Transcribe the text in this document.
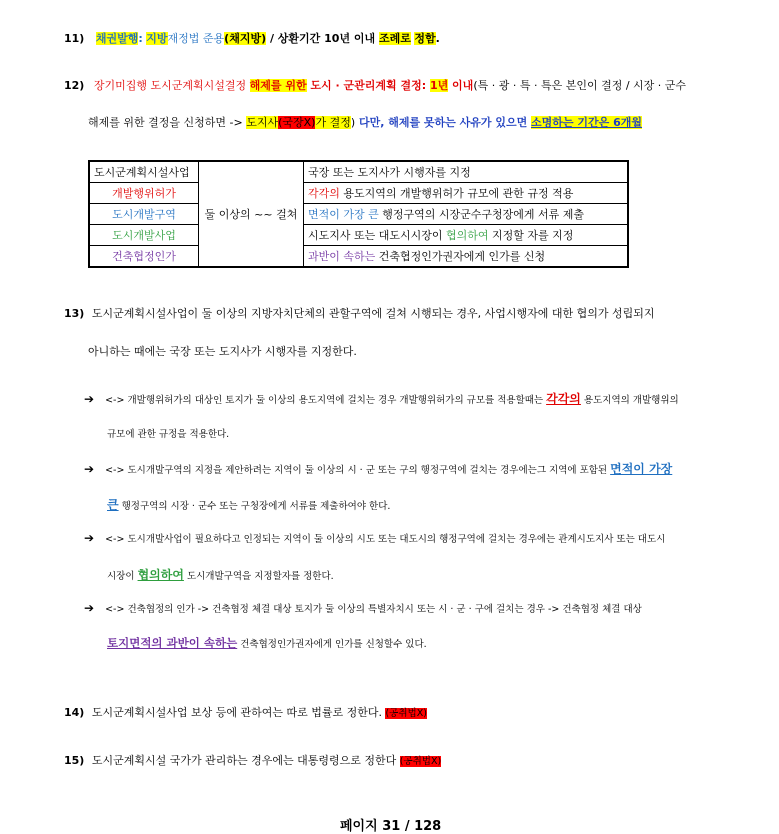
11) 채권발행: 지방재정법 준용(채지방) / 상환기간 10년 이내 조례로 정함.
12) 장기미집행 도시군계획시설결정 해제를 위한 도시 · 군관리계획 결정: 1년 이내(특 · 광 · 특 · 특은 본인이 결정 / 시장 · 군수
해제를 위한 결정을 신청하면 -> 도지사(국장X)가 결정) 다만, 해제를 못하는 사유가 있으면 소명하는 기간은 6개월
도시군계획시설사업	둘 이상의 ~~ 걸쳐	국장 또는 도지사가 시행자를 지정
개발행위허가		각각의 용도지역의 개발행위허가 규모에 관한 규정 적용
도시개발구역		면적이 가장 큰 행정구역의 시장군수구청장에게 서류 제출
도시개발사업		시도지사 또는 대도시시장이 협의하여 지정할 자를 지정
건축협정인가		과반이 속하는 건축협정인가권자에게 인가를 신청
13) 도시군계획시설사업이 둘 이상의 지방자치단체의 관할구역에 걸쳐 시행되는 경우, 사업시행자에 대한 협의가 성립되지
아니하는 때에는 국장 또는 도지사가 시행자를 지정한다.
➔ <-> 개발행위허가의 대상인 토지가 둘 이상의 용도지역에 걸치는 경우 개발행위허가의 규모를 적용할때는 각각의 용도지역의 개발행위의
규모에 관한 규정을 적용한다.
➔ <-> 도시개발구역의 지정을 제안하려는 지역이 둘 이상의 시 · 군 또는 구의 행정구역에 걸치는 경우에는그 지역에 포함된 면적이 가장
큰 행정구역의 시장 · 군수 또는 구청장에게 서류를 제출하여야 한다.
➔ <-> 도시개발사업이 필요하다고 인정되는 지역이 둘 이상의 시도 또는 대도시의 행정구역에 걸치는 경우에는 관계시도지사 또는 대도시
시장이 협의하여 도시개발구역을 지정할자를 정한다.
➔ <-> 건축협정의 인가 -> 건축협정 체결 대상 토지가 둘 이상의 특별자치시 또는 시 · 군 · 구에 걸치는 경우 -> 건축협정 체결 대상
토지면적의 과반이 속하는 건축협정인가권자에게 인가를 신청할수 있다.
14) 도시군계획시설사업 보상 등에 관하여는 따로 법률로 정한다. (공취법X)
15) 도시군계획시설 국가가 관리하는 경우에는 대통령령으로 정한다 (공취법X)
페이지 31 / 128
